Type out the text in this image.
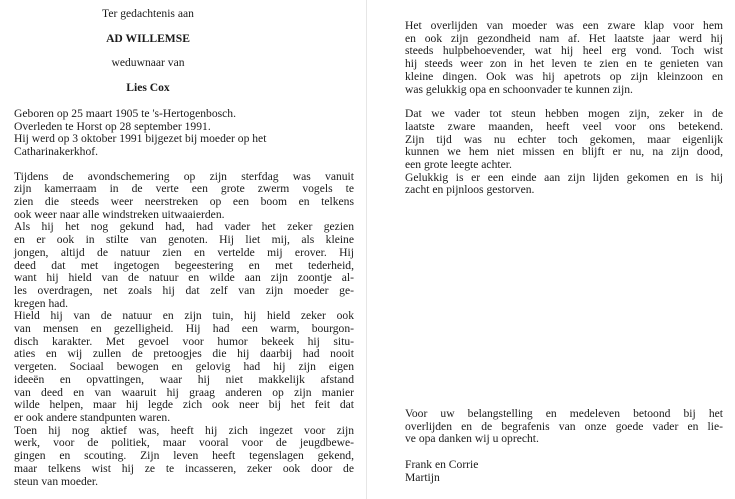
Ter gedachtenis aan

AD WILLEMSE

weduwnaar van

Lies Cox

Geboren op 25 maart 1905 te 's-Hertogenbosch.
Overleden te Horst op 28 september 1991.
Hij werd op 3 oktober 1991 bijgezet bij moeder op het
Catharinakerkhof.
Tijdens de avondschemering op zijn sterfdag was vanuit
zijn kamerraam in de verte een grote zwerm vogels te
zien die steeds weer neerstreken op een boom en telkens
ook weer naar alle windstreken uitwaaierden.
Als hij het nog gekund had, had vader het zeker gezien
en er ook in stilte van genoten. Hij liet mij, als kleine
jongen, altijd de natuur zien en vertelde mij erover. Hij
deed dat met ingetogen begeestering en met tederheid,
want hij hield van de natuur en wilde aan zijn zoontje al-
les overdragen, net zoals hij dat zelf van zijn moeder ge-
kregen had.
Hield hij van de natuur en zijn tuin, hij hield zeker ook
van mensen en gezelligheid. Hij had een warm, bourgon-
disch karakter. Met gevoel voor humor bekeek hij situ-
aties en wij zullen de pretoogjes die hij daarbij had nooit
vergeten. Sociaal bewogen en gelovig had hij zijn eigen
ideeën en opvattingen, waar hij niet makkelijk afstand
van deed en van waaruit hij graag anderen op zijn manier
wilde helpen, maar hij legde zich ook neer bij het feit dat
er ook andere standpunten waren.
Toen hij nog aktief was, heeft hij zich ingezet voor zijn
werk, voor de politiek, maar vooral voor de jeugdbewe-
gingen en scouting. Zijn leven heeft tegenslagen gekend,
maar telkens wist hij ze te incasseren, zeker ook door de
steun van moeder.
Het overlijden van moeder was een zware klap voor hem
en ook zijn gezondheid nam af. Het laatste jaar werd hij
steeds hulpbehoevender, wat hij heel erg vond. Toch wist
hij steeds weer zon in het leven te zien en te genieten van
kleine dingen. Ook was hij apetrots op zijn kleinzoon en
was gelukkig opa en schoonvader te kunnen zijn.
Dat we vader tot steun hebben mogen zijn, zeker in de
laatste zware maanden, heeft veel voor ons betekend.
Zijn tijd was nu echter toch gekomen, maar eigenlijk
kunnen we hem niet missen en blijft er nu, na zijn dood,
een grote leegte achter.
Gelukkig is er een einde aan zijn lijden gekomen en is hij
zacht en pijnloos gestorven.
Voor uw belangstelling en medeleven betoond bij het
overlijden en de begrafenis van onze goede vader en lie-
ve opa danken wij u oprecht.
Frank en Corrie
Martijn
